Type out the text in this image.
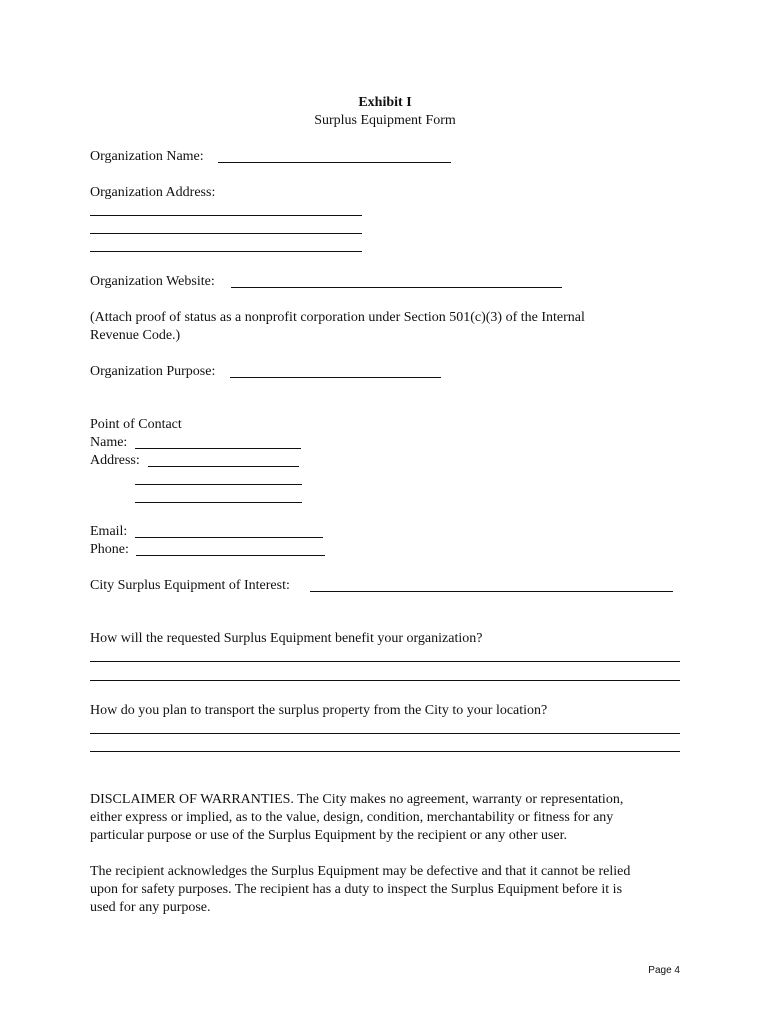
Exhibit I
Surplus Equipment Form
Organization Name:
Organization Address:
Organization Website:
(Attach proof of status as a nonprofit corporation under Section 501(c)(3) of the Internal
Revenue Code.)
Organization Purpose:
Point of Contact
Name:
Address:
Email:
Phone:
City Surplus Equipment of Interest:
How will the requested Surplus Equipment benefit your organization?
How do you plan to transport the surplus property from the City to your location?
DISCLAIMER OF WARRANTIES. The City makes no agreement, warranty or representation,
either express or implied, as to the value, design, condition, merchantability or fitness for any
particular purpose or use of the Surplus Equipment by the recipient or any other user.
The recipient acknowledges the Surplus Equipment may be defective and that it cannot be relied
upon for safety purposes. The recipient has a duty to inspect the Surplus Equipment before it is
used for any purpose.
Page 4
